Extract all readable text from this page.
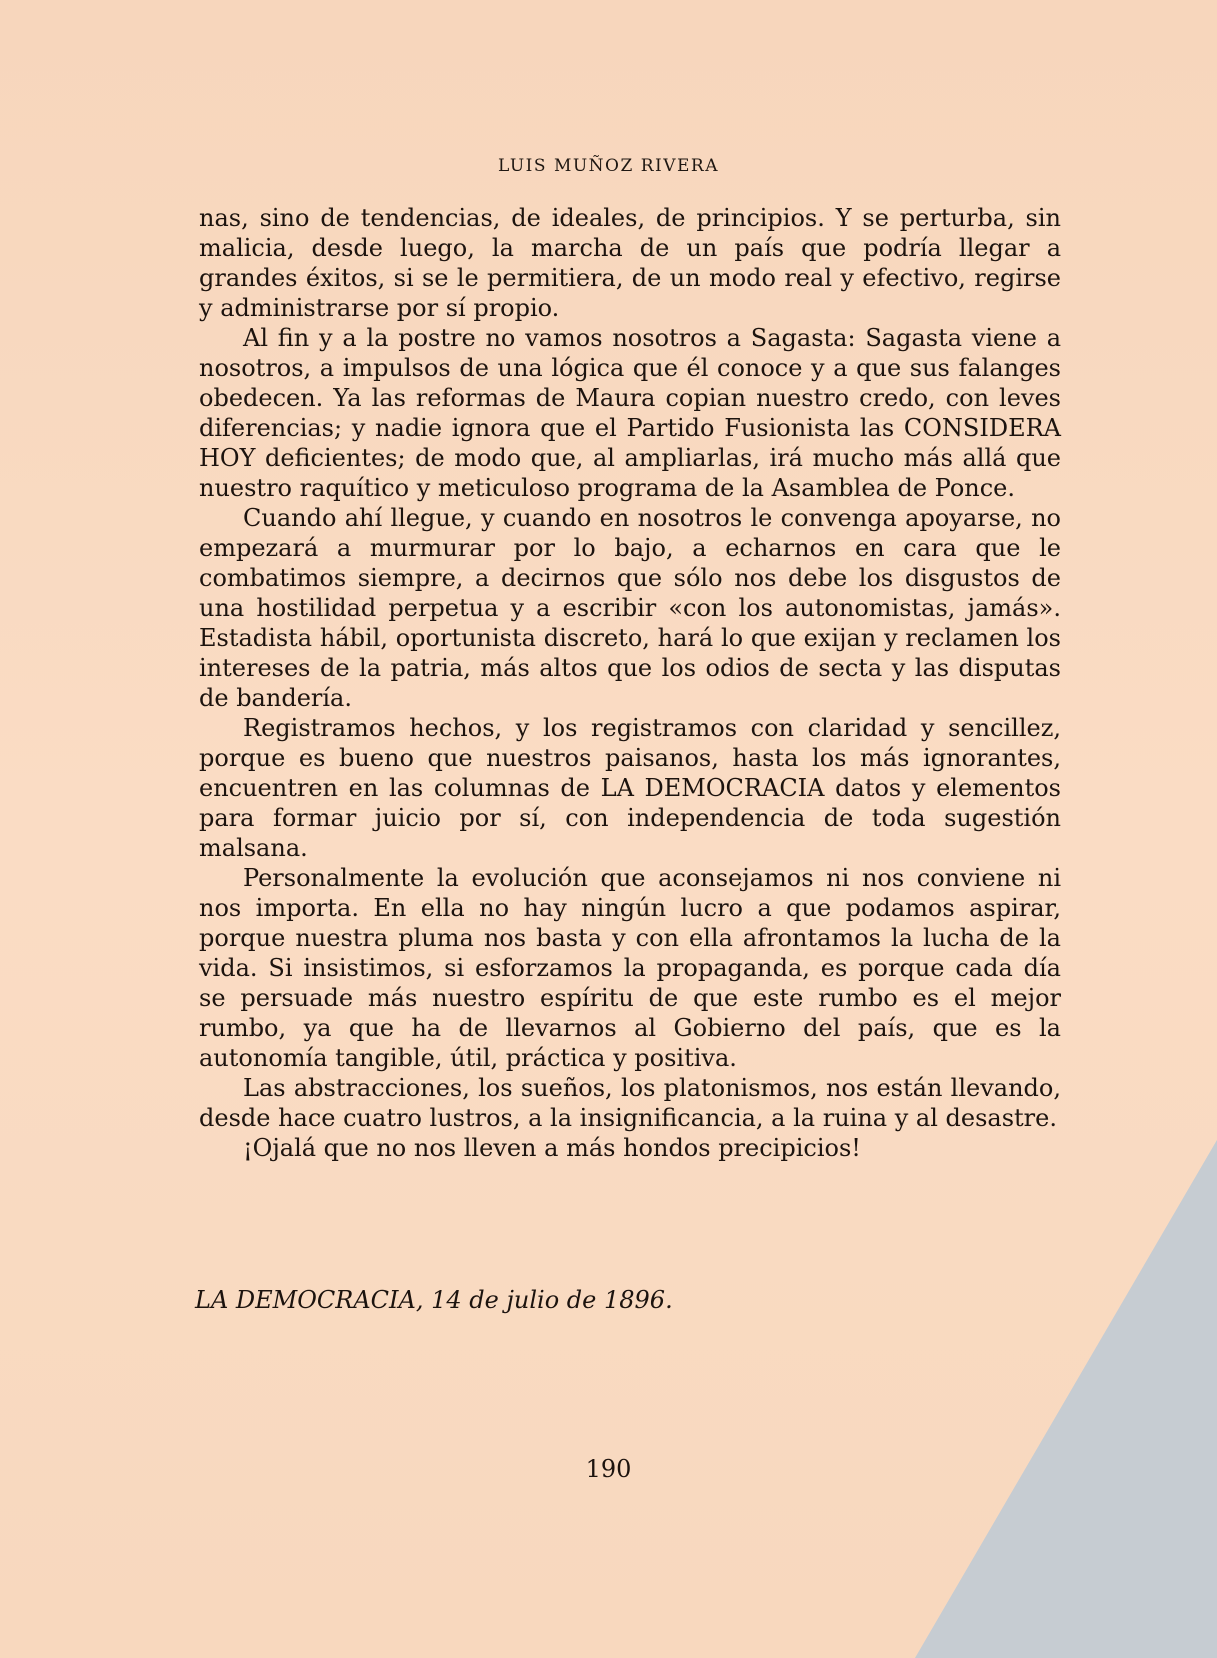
LUIS MUÑOZ RIVERA

nas, sino de tendencias, de ideales, de principios. Y se perturba, sin malicia, desde luego, la marcha de un país que podría llegar a grandes éxitos, si se le permitiera, de un modo real y efectivo, regirse y administrarse por sí propio.

Al fin y a la postre no vamos nosotros a Sagasta: Sagasta viene a nosotros, a impulsos de una lógica que él conoce y a que sus falanges obedecen. Ya las reformas de Maura copian nuestro credo, con leves diferencias; y nadie ignora que el Partido Fusionista las CONSIDERA HOY deficientes; de modo que, al ampliarlas, irá mucho más allá que nuestro raquítico y meticuloso programa de la Asamblea de Ponce.

Cuando ahí llegue, y cuando en nosotros le convenga apoyarse, no empezará a murmurar por lo bajo, a echarnos en cara que le combatimos siempre, a decirnos que sólo nos debe los disgustos de una hostilidad perpetua y a escribir «con los autonomistas, jamás». Estadista hábil, oportunista discreto, hará lo que exijan y reclamen los intereses de la patria, más altos que los odios de secta y las disputas de bandería.

Registramos hechos, y los registramos con claridad y sencillez, porque es bueno que nuestros paisanos, hasta los más ignorantes, encuentren en las columnas de LA DEMOCRACIA datos y elementos para formar juicio por sí, con independencia de toda sugestión malsana.

Personalmente la evolución que aconsejamos ni nos conviene ni nos importa. En ella no hay ningún lucro a que podamos aspirar, porque nuestra pluma nos basta y con ella afrontamos la lucha de la vida. Si insistimos, si esforzamos la propaganda, es porque cada día se persuade más nuestro espíritu de que este rumbo es el mejor rumbo, ya que ha de llevarnos al Gobierno del país, que es la autonomía tangible, útil, práctica y positiva.

Las abstracciones, los sueños, los platonismos, nos están llevando, desde hace cuatro lustros, a la insignificancia, a la ruina y al desastre.

¡Ojalá que no nos lleven a más hondos precipicios!

LA DEMOCRACIA, 14 de julio de 1896.
190
